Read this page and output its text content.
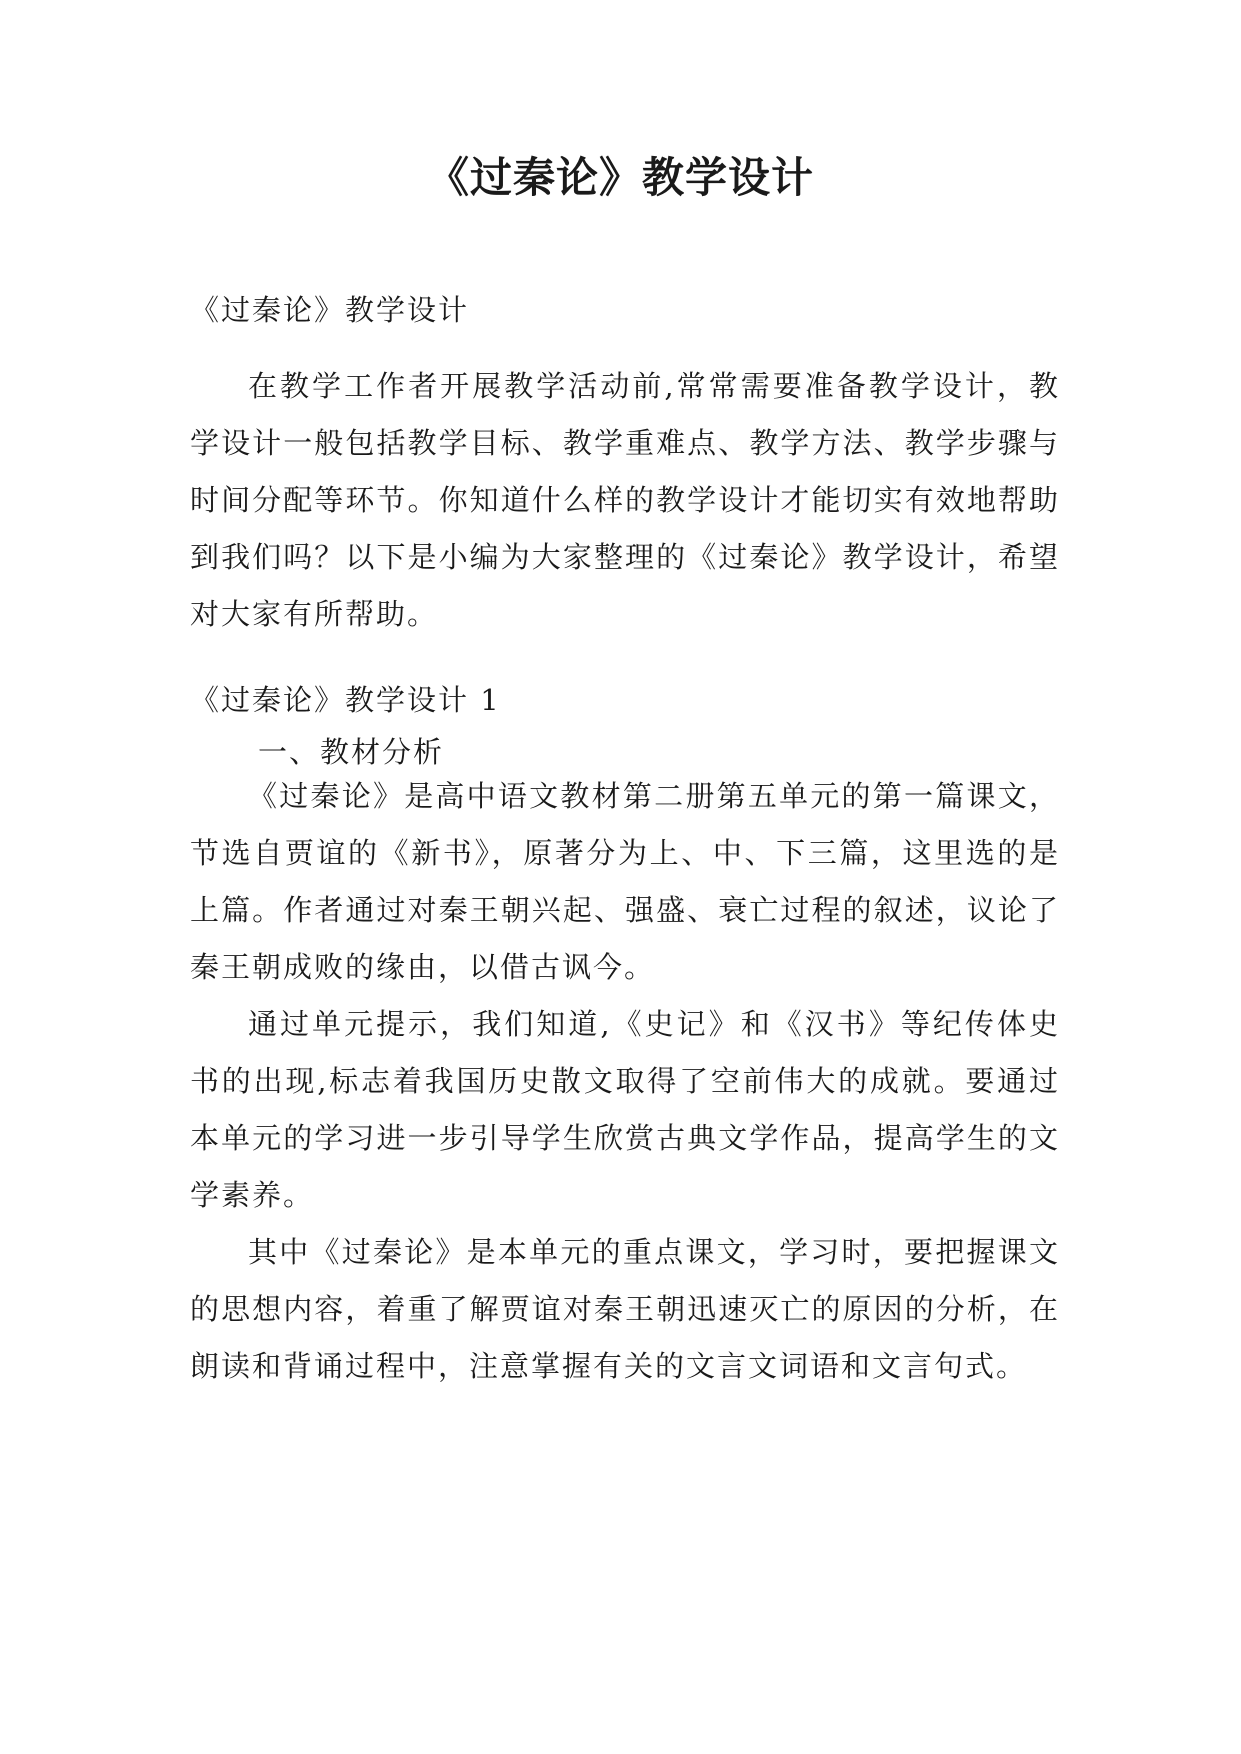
《过秦论》教学设计

《过秦论》教学设计

在教学工作者开展教学活动前,常常需要准备教学设计，教学设计一般包括教学目标、教学重难点、教学方法、教学步骤与时间分配等环节。你知道什么样的教学设计才能切实有效地帮助到我们吗？以下是小编为大家整理的《过秦论》教学设计，希望对大家有所帮助。

《过秦论》教学设计 1

一、教材分析

《过秦论》是高中语文教材第二册第五单元的第一篇课文，节选自贾谊的《新书》，原著分为上、中、下三篇，这里选的是上篇。作者通过对秦王朝兴起、强盛、衰亡过程的叙述，议论了秦王朝成败的缘由，以借古讽今。

通过单元提示，我们知道,《史记》和《汉书》等纪传体史书的出现,标志着我国历史散文取得了空前伟大的成就。要通过本单元的学习进一步引导学生欣赏古典文学作品，提高学生的文学素养。

其中《过秦论》是本单元的重点课文，学习时，要把握课文的思想内容，着重了解贾谊对秦王朝迅速灭亡的原因的分析，在朗读和背诵过程中，注意掌握有关的文言文词语和文言句式。
